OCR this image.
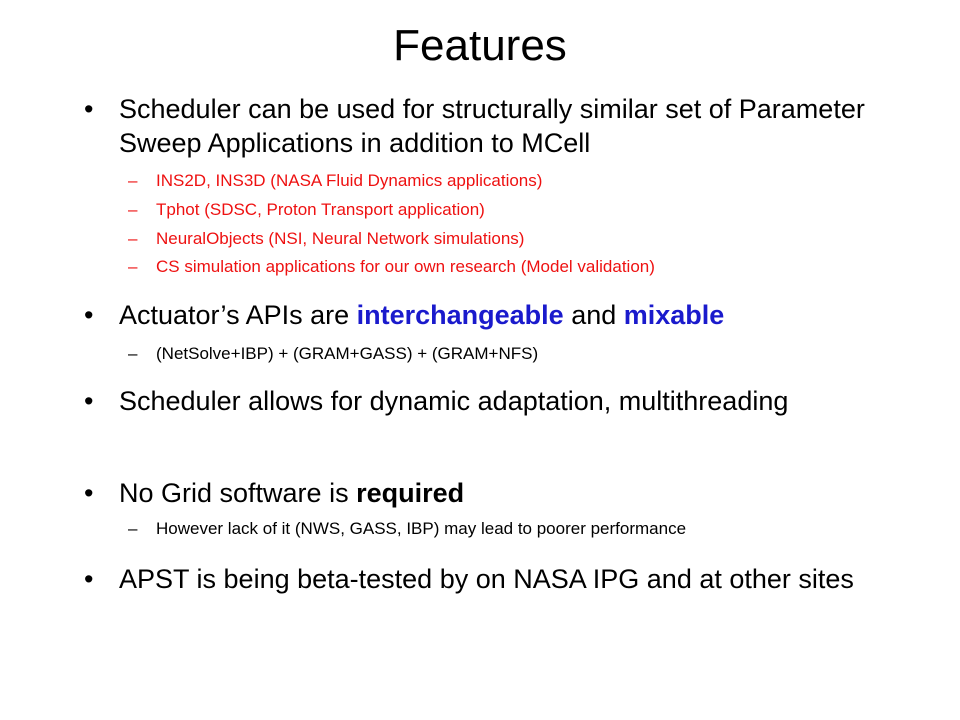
Features
• Scheduler can be used for structurally similar set of Parameter Sweep Applications in addition to MCell
– INS2D, INS3D (NASA Fluid Dynamics applications)
– Tphot (SDSC, Proton Transport application)
– NeuralObjects (NSI, Neural Network simulations)
– CS simulation applications for our own research (Model validation)
• Actuator’s APIs are interchangeable and mixable
– (NetSolve+IBP) + (GRAM+GASS) + (GRAM+NFS)
• Scheduler allows for dynamic adaptation, multithreading
• No Grid software is required
– However lack of it (NWS, GASS, IBP) may lead to poorer performance
• APST is being beta-tested by on NASA IPG and at other sites
